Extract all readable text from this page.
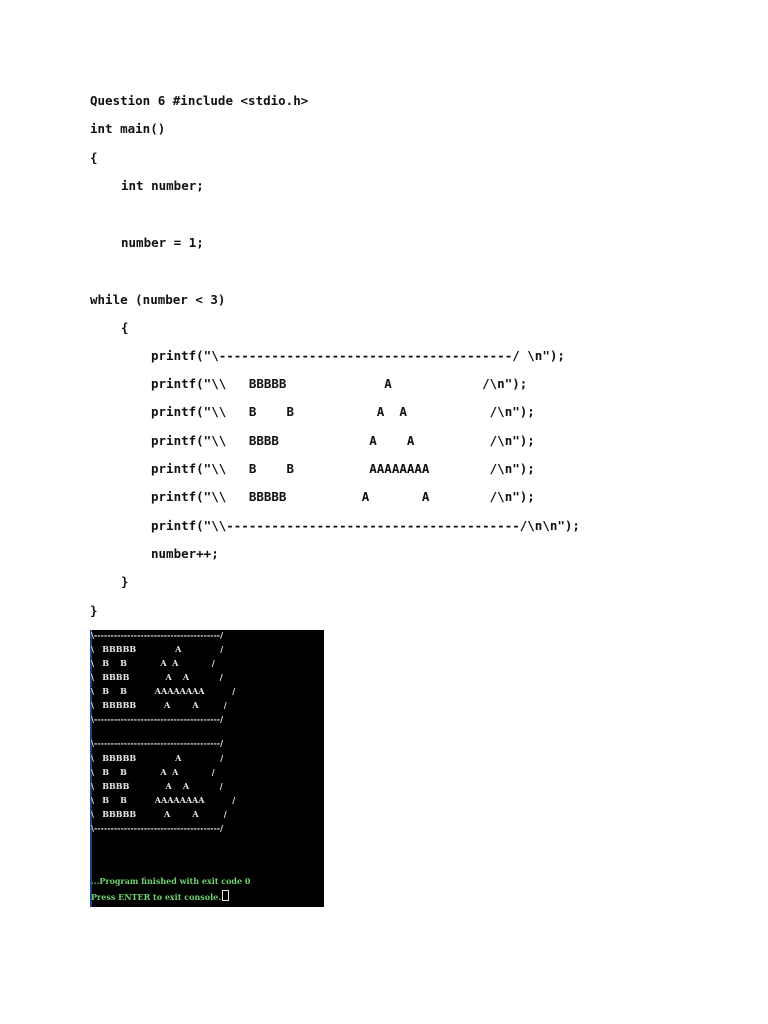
Question 6 #include <stdio.h>
int main()
{
int number;
number = 1;
while (number < 3)
{
printf("\---------------------------------------/ \n");
printf("\\   BBBBB             A            /\n");
printf("\\   B    B           A  A           /\n");
printf("\\   BBBB            A    A          /\n");
printf("\\   B    B          AAAAAAAA        /\n");
printf("\\   BBBBB          A       A        /\n");
printf("\\---------------------------------------/\n\n");
number++;
}
}
\--------------------------------------/
\   BBBBB              A              /
\   B    B            A  A            /
\   BBBB             A    A           /
\   B    B          AAAAAAAA          /
\   BBBBB          A        A         /
\--------------------------------------/
\--------------------------------------/
\   BBBBB              A              /
\   B    B            A  A            /
\   BBBB             A    A           /
\   B    B          AAAAAAAA          /
\   BBBBB          A        A         /
\--------------------------------------/
...Program finished with exit code 0
Press ENTER to exit console.
